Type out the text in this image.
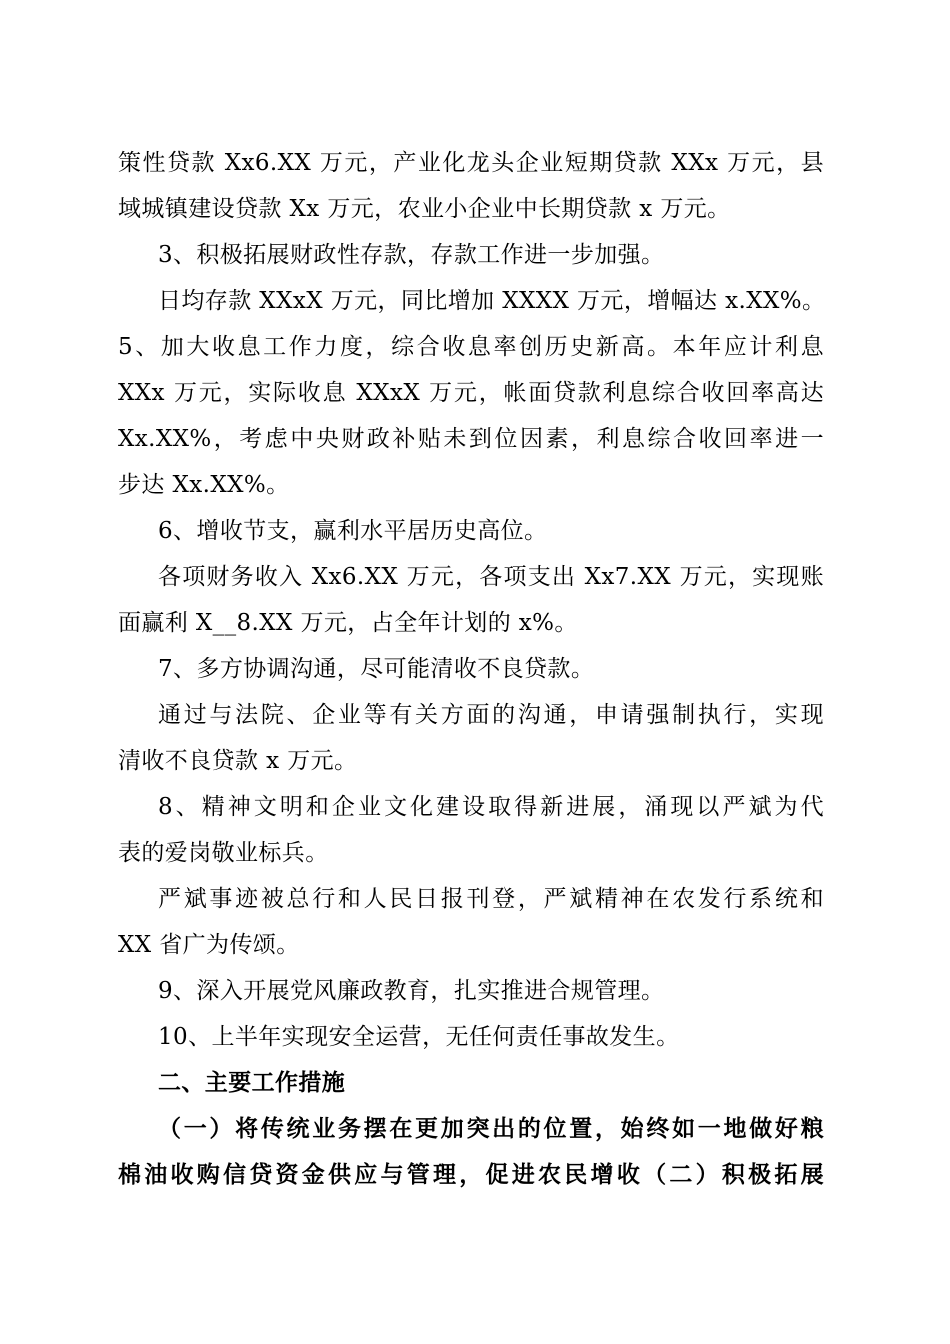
策性贷款 Xx6.XX 万元，产业化龙头企业短期贷款 XXx 万元，县
域城镇建设贷款 Xx 万元，农业小企业中长期贷款 x 万元。
3、积极拓展财政性存款，存款工作进一步加强。
日均存款 XXxX 万元，同比增加 XXXX 万元，增幅达 x.XX%。
5、加大收息工作力度，综合收息率创历史新高。本年应计利息
XXx 万元，实际收息 XXxX 万元，帐面贷款利息综合收回率高达
Xx.XX%，考虑中央财政补贴未到位因素，利息综合收回率进一
步达 Xx.XX%。
6、增收节支，赢利水平居历史高位。
各项财务收入 Xx6.XX 万元，各项支出 Xx7.XX 万元，实现账
面赢利 X__8.XX 万元，占全年计划的 x%。
7、多方协调沟通，尽可能清收不良贷款。
通过与法院、企业等有关方面的沟通，申请强制执行，实现
清收不良贷款 x 万元。
8、精神文明和企业文化建设取得新进展，涌现以严斌为代
表的爱岗敬业标兵。
严斌事迹被总行和人民日报刊登，严斌精神在农发行系统和
XX 省广为传颂。
9、深入开展党风廉政教育，扎实推进合规管理。
10、上半年实现安全运营，无任何责任事故发生。
二、主要工作措施
（一）将传统业务摆在更加突出的位置，始终如一地做好粮
棉油收购信贷资金供应与管理，促进农民增收（二）积极拓展
